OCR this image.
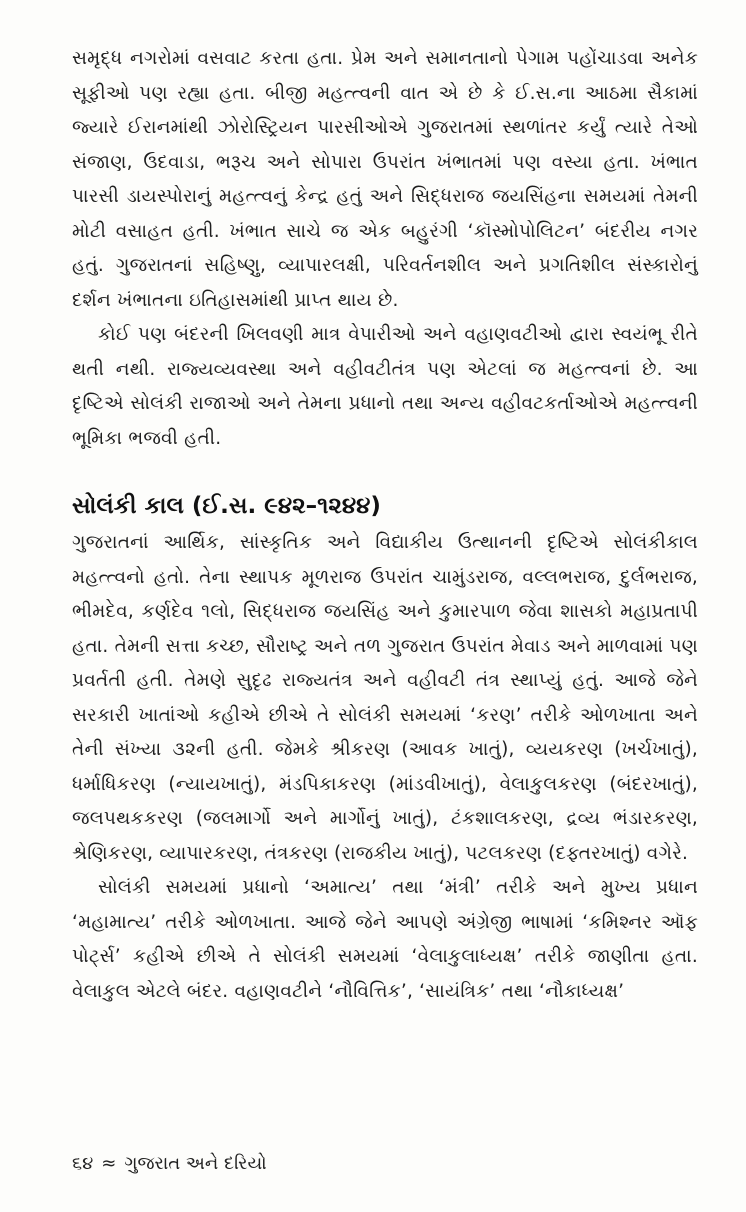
સમૃદ્ધ નગરોમાં વસવાટ કરતા હતા. પ્રેમ અને સમાનતાનો પેગામ પહોંચાડવા અનેક સૂફીઓ પણ રહ્યા હતા. બીજી મહત્ત્વની વાત એ છે કે ઈ.સ.ના આઠમા સૈકામાં જ્યારે ઈરાનમાંથી ઝોરોસ્ટ્રિયન પારસીઓએ ગુજરાતમાં સ્થળાંતર કર્યું ત્યારે તેઓ સંજાણ, ઉદવાડા, ભરૂચ અને સોપારા ઉપરાંત ખંભાતમાં પણ વસ્યા હતા. ખંભાત પારસી ડાયસ્પોરાનું મહત્ત્વનું કેન્દ્ર હતું અને સિદ્ધરાજ જયસિંહના સમયમાં તેમની મોટી વસાહત હતી. ખંભાત સાચે જ એક બહુરંગી ‘કૉસ્મોપોલિટન’ બંદરીય નગર હતું. ગુજરાતનાં સહિષ્ણુ, વ્યાપારલક્ષી, પરિવર્તનશીલ અને પ્રગતિશીલ સંસ્કારોનું દર્શન ખંભાતના ઇતિહાસમાંથી પ્રાપ્ત થાય છે.

કોઈ પણ બંદરની ખિલવણી માત્ર વેપારીઓ અને વહાણવટીઓ દ્વારા સ્વયંભૂ રીતે થતી નથી. રાજ્યવ્યવસ્થા અને વહીવટીતંત્ર પણ એટલાં જ મહત્ત્વનાં છે. આ દૃષ્ટિએ સોલંકી રાજાઓ અને તેમના પ્રધાનો તથા અન્ય વહીવટકર્તાઓએ મહત્ત્વની ભૂમિકા ભજવી હતી.

સોલંકી કાલ (ઈ.સ. ૯૪૨–૧૨૪૪)

ગુજરાતનાં આર્થિક, સાંસ્કૃતિક અને વિદ્યાકીય ઉત્થાનની દૃષ્ટિએ સોલંકીકાલ મહત્ત્વનો હતો. તેના સ્થાપક મૂળરાજ ઉપરાંત ચામુંડરાજ, વલ્લભરાજ, દુર્લભરાજ, ભીમદેવ, કર્ણદેવ ૧લો, સિદ્ધરાજ જયસિંહ અને કુમારપાળ જેવા શાસકો મહાપ્રતાપી હતા. તેમની સત્તા કચ્છ, સૌરાષ્ટ્ર અને તળ ગુજરાત ઉપરાંત મેવાડ અને માળવામાં પણ પ્રવર્તતી હતી. તેમણે સુદૃઢ રાજ્યતંત્ર અને વહીવટી તંત્ર સ્થાપ્યું હતું. આજે જેને સરકારી ખાતાંઓ કહીએ છીએ તે સોલંકી સમયમાં ‘કરણ’ તરીકે ઓળખાતા અને તેની સંખ્યા ૩૨ની હતી. જેમકે શ્રીકરણ (આવક ખાતું), વ્યયકરણ (ખર્ચખાતું), ધર્માધિકરણ (ન્યાયખાતું), મંડપિકાકરણ (માંડવીખાતું), વેલાકુલકરણ (બંદરખાતું), જલપથકકરણ (જલમાર્ગો અને માર્ગોનું ખાતું), ટંકશાલકરણ, દ્રવ્ય ભંડારકરણ, શ્રેણિકરણ, વ્યાપારકરણ, તંત્રકરણ (રાજકીય ખાતું), પટલકરણ (દફ્તરખાતું) વગેરે.

સોલંકી સમયમાં પ્રધાનો ‘અમાત્ય’ તથા ‘મંત્રી’ તરીકે અને મુખ્ય પ્રધાન ‘મહામાત્ય’ તરીકે ઓળખાતા. આજે જેને આપણે અંગ્રેજી ભાષામાં ‘કમિશ્નર ઑફ પોર્ટ્સ’ કહીએ છીએ તે સોલંકી સમયમાં ‘વેલાકુલાધ્યક્ષ’ તરીકે જાણીતા હતા. વેલાકુલ એટલે બંદર. વહાણવટીને ‘નૌવિત્તિક’, ‘સાયંત્રિક’ તથા ‘નૌકાધ્યક્ષ’

૬૪ ≈ ગુજરાત અને દરિયો
